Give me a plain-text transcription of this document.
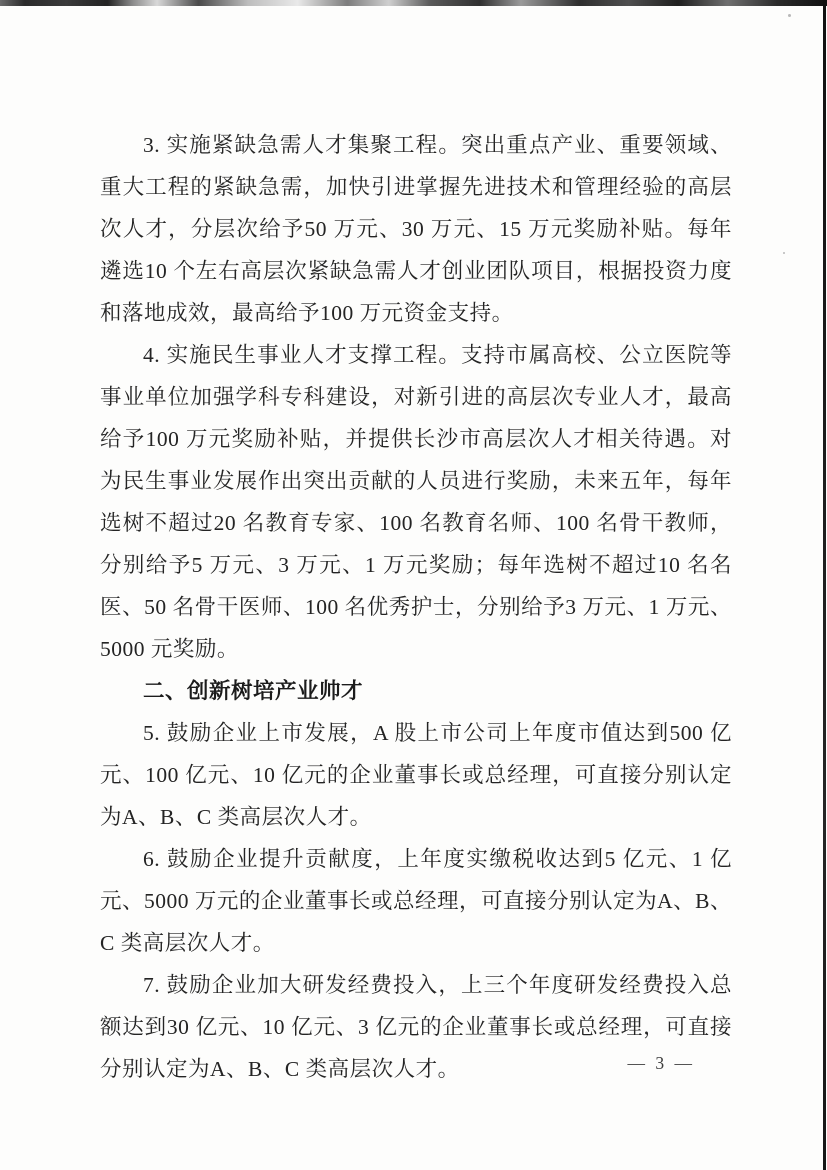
3. 实施紧缺急需人才集聚工程。突出重点产业、重要领域、重大工程的紧缺急需，加快引进掌握先进技术和管理经验的高层次人才，分层次给予50 万元、30 万元、15 万元奖励补贴。每年遴选10 个左右高层次紧缺急需人才创业团队项目，根据投资力度和落地成效，最高给予100 万元资金支持。

4. 实施民生事业人才支撑工程。支持市属高校、公立医院等事业单位加强学科专科建设，对新引进的高层次专业人才，最高给予100 万元奖励补贴，并提供长沙市高层次人才相关待遇。对为民生事业发展作出突出贡献的人员进行奖励，未来五年，每年选树不超过20 名教育专家、100 名教育名师、100 名骨干教师，分别给予5 万元、3 万元、1 万元奖励；每年选树不超过10 名名医、50 名骨干医师、100 名优秀护士，分别给予3 万元、1 万元、5000 元奖励。

二、创新树培产业帅才

5. 鼓励企业上市发展，A 股上市公司上年度市值达到500 亿元、100 亿元、10 亿元的企业董事长或总经理，可直接分别认定为A、B、C 类高层次人才。

6. 鼓励企业提升贡献度，上年度实缴税收达到5 亿元、1 亿元、5000 万元的企业董事长或总经理，可直接分别认定为A、B、C 类高层次人才。

7. 鼓励企业加大研发经费投入，上三个年度研发经费投入总额达到30 亿元、10 亿元、3 亿元的企业董事长或总经理，可直接分别认定为A、B、C 类高层次人才。	— 3 —
